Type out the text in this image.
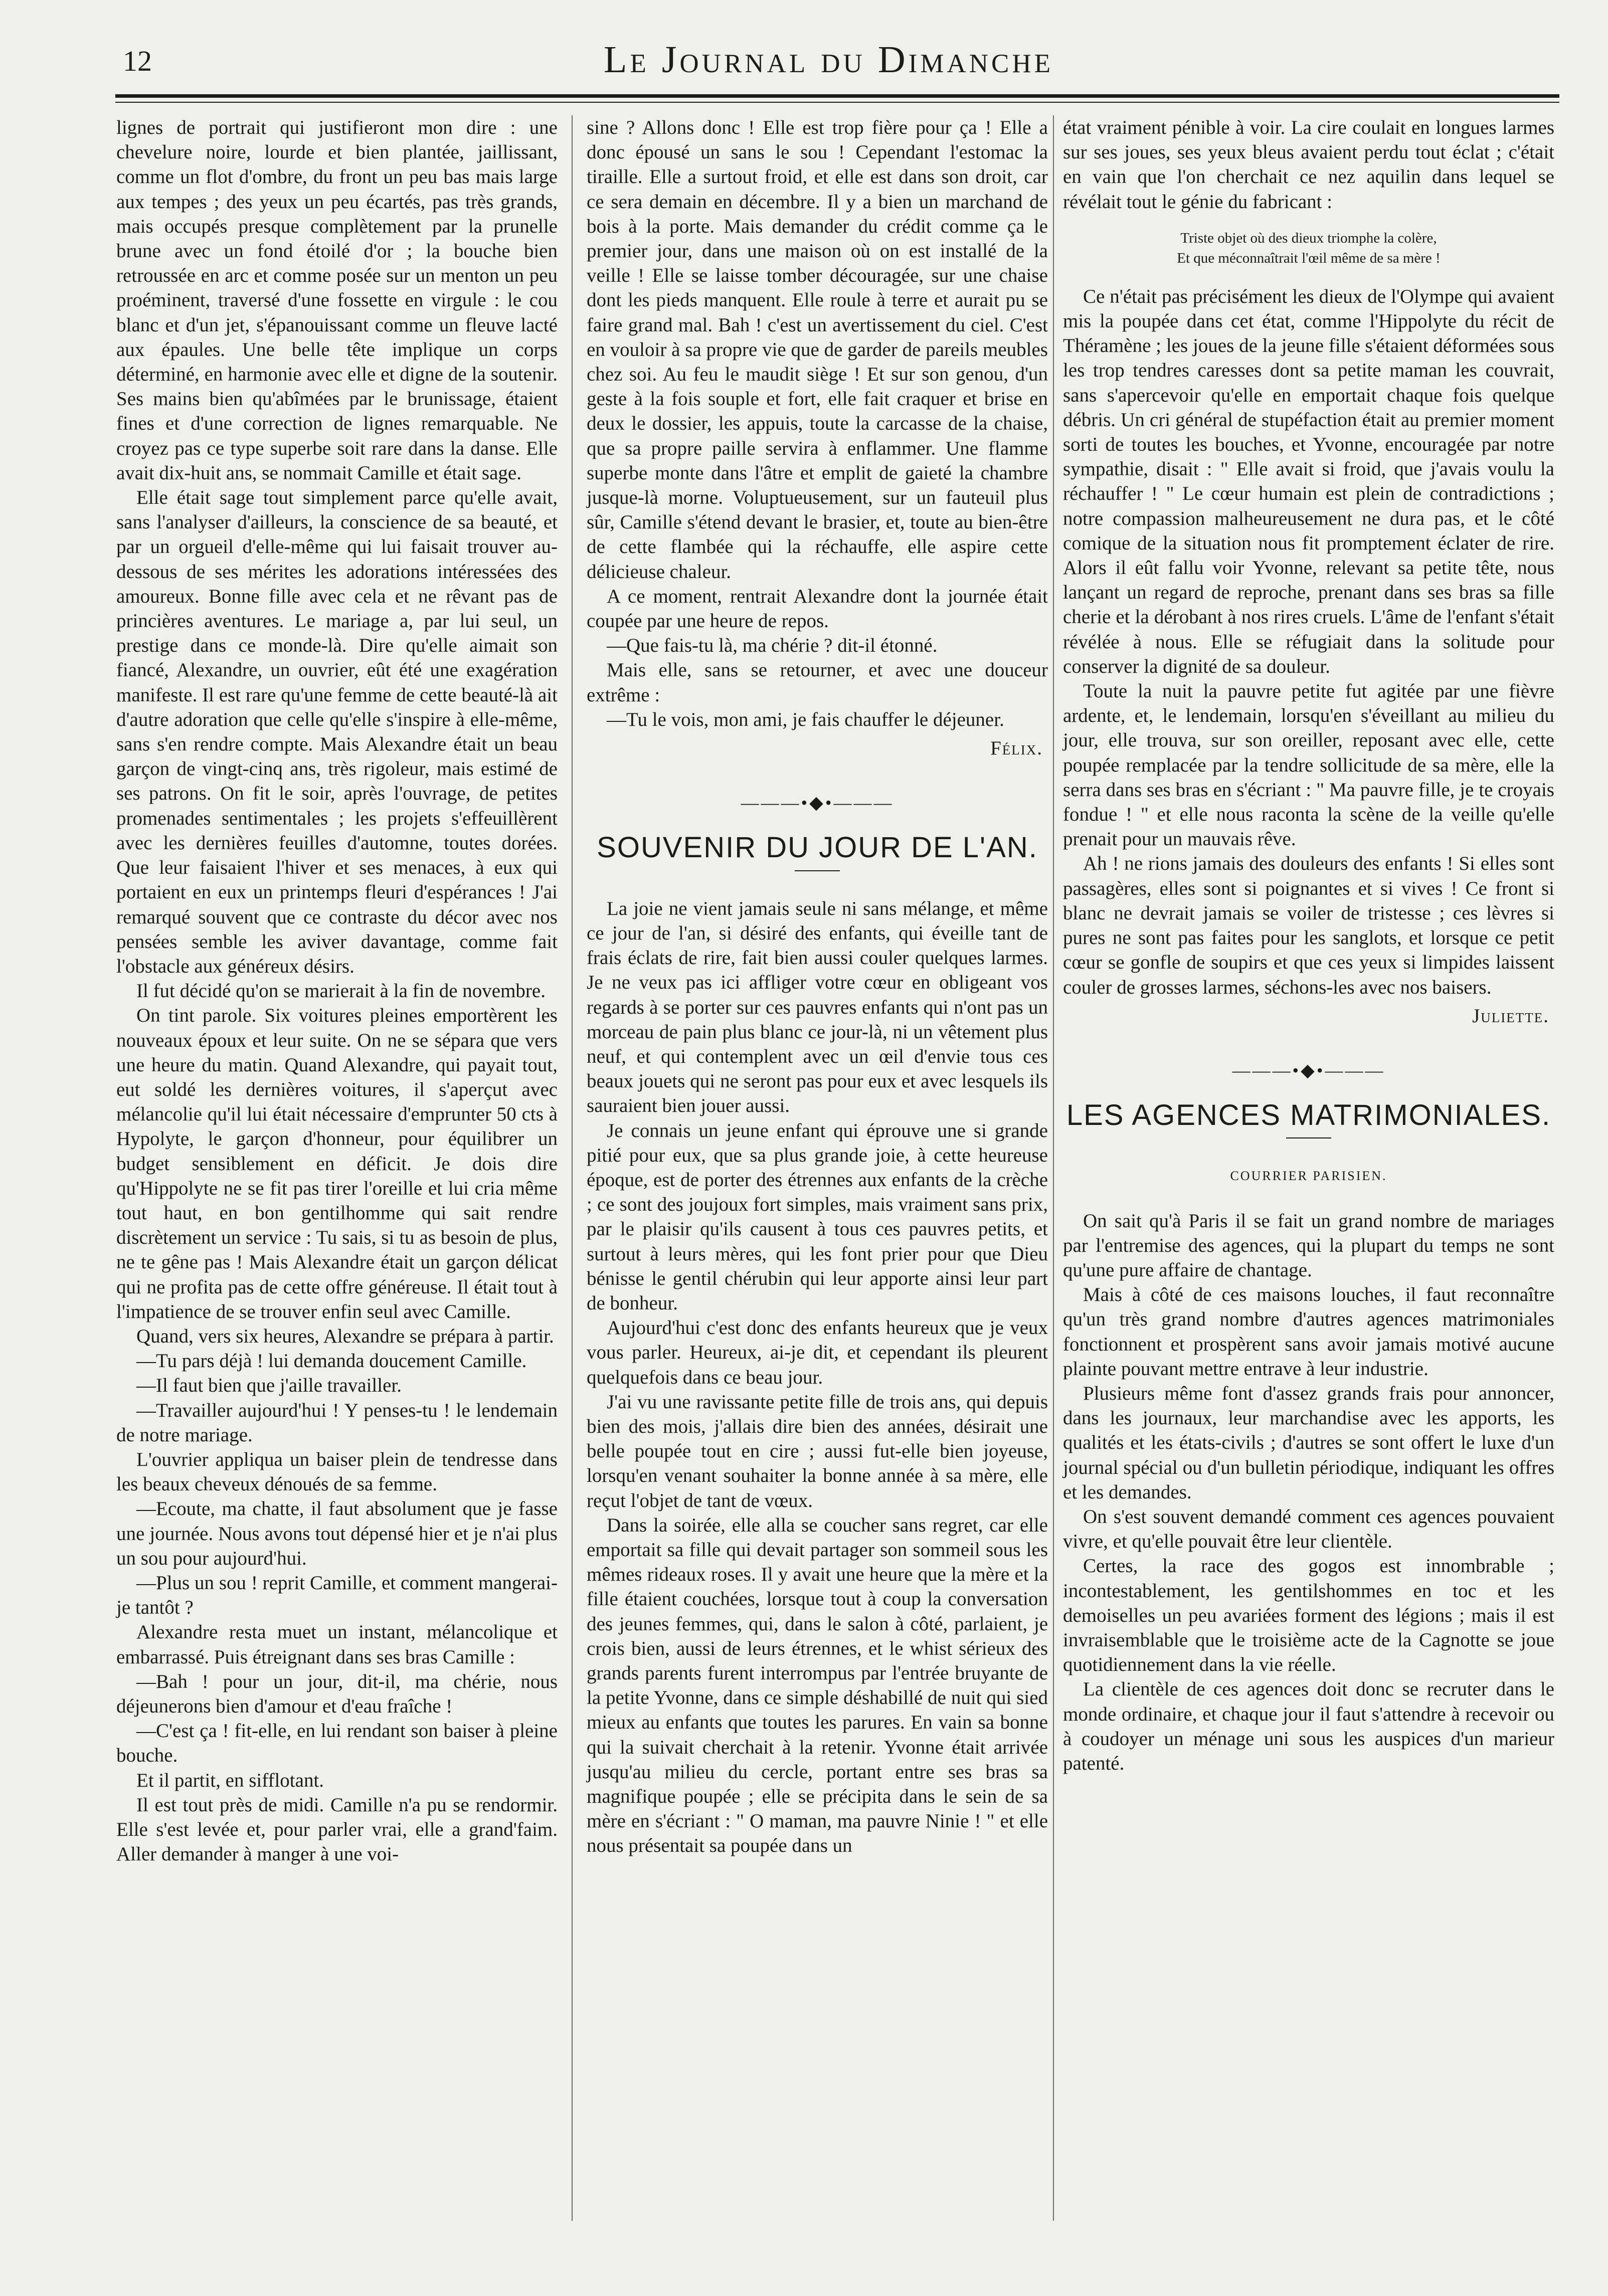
12	Le Journal du Dimanche

lignes de portrait qui justifieront mon dire : une chevelure noire, lourde et bien plantée, jaillissant, comme un flot d'ombre, du front un peu bas mais large aux tempes ; des yeux un peu écartés, pas très grands, mais occupés presque complètement par la prunelle brune avec un fond étoilé d'or ; la bouche bien retroussée en arc et comme posée sur un menton un peu proéminent, traversé d'une fossette en virgule : le cou blanc et d'un jet, s'épanouissant comme un fleuve lacté aux épaules. Une belle tête implique un corps déterminé, en harmonie avec elle et digne de la soutenir. Ses mains bien qu'abîmées par le brunissage, étaient fines et d'une correction de lignes remarquable. Ne croyez pas ce type superbe soit rare dans la danse. Elle avait dix-huit ans, se nommait Camille et était sage.

Elle était sage tout simplement parce qu'elle avait, sans l'analyser d'ailleurs, la conscience de sa beauté, et par un orgueil d'elle-même qui lui faisait trouver au-dessous de ses mérites les adorations intéressées des amoureux. Bonne fille avec cela et ne rêvant pas de princières aventures. Le mariage a, par lui seul, un prestige dans ce monde-là. Dire qu'elle aimait son fiancé, Alexandre, un ouvrier, eût été une exagération manifeste. Il est rare qu'une femme de cette beauté-là ait d'autre adoration que celle qu'elle s'inspire à elle-même, sans s'en rendre compte. Mais Alexandre était un beau garçon de vingt-cinq ans, très rigoleur, mais estimé de ses patrons. On fit le soir, après l'ouvrage, de petites promenades sentimentales ; les projets s'effeuillèrent avec les dernières feuilles d'automne, toutes dorées. Que leur faisaient l'hiver et ses menaces, à eux qui portaient en eux un printemps fleuri d'espérances ! J'ai remarqué souvent que ce contraste du décor avec nos pensées semble les aviver davantage, comme fait l'obstacle aux généreux désirs.

Il fut décidé qu'on se marierait à la fin de novembre.

On tint parole. Six voitures pleines emportèrent les nouveaux époux et leur suite. On ne se sépara que vers une heure du matin. Quand Alexandre, qui payait tout, eut soldé les dernières voitures, il s'aperçut avec mélancolie qu'il lui était nécessaire d'emprunter 50 cts à Hypolyte, le garçon d'honneur, pour équilibrer un budget sensiblement en déficit. Je dois dire qu'Hippolyte ne se fit pas tirer l'oreille et lui cria même tout haut, en bon gentilhomme qui sait rendre discrètement un service : Tu sais, si tu as besoin de plus, ne te gêne pas ! Mais Alexandre était un garçon délicat qui ne profita pas de cette offre généreuse. Il était tout à l'impatience de se trouver enfin seul avec Camille.

Quand, vers six heures, Alexandre se prépara à partir.

—Tu pars déjà ! lui demanda doucement Camille.

—Il faut bien que j'aille travailler.

—Travailler aujourd'hui ! Y penses-tu ! le lendemain de notre mariage.

L'ouvrier appliqua un baiser plein de tendresse dans les beaux cheveux dénoués de sa femme.

—Ecoute, ma chatte, il faut absolument que je fasse une journée. Nous avons tout dépensé hier et je n'ai plus un sou pour aujourd'hui.

—Plus un sou ! reprit Camille, et comment mangerai-je tantôt ?

Alexandre resta muet un instant, mélancolique et embarrassé. Puis étreignant dans ses bras Camille :

—Bah ! pour un jour, dit-il, ma chérie, nous déjeunerons bien d'amour et d'eau fraîche !

—C'est ça ! fit-elle, en lui rendant son baiser à pleine bouche.

Et il partit, en sifflotant.

Il est tout près de midi. Camille n'a pu se rendormir. Elle s'est levée et, pour parler vrai, elle a grand'faim. Aller demander à manger à une voi-

sine ? Allons donc ! Elle est trop fière pour ça ! Elle a donc épousé un sans le sou ! Cependant l'estomac la tiraille. Elle a surtout froid, et elle est dans son droit, car ce sera demain en décembre. Il y a bien un marchand de bois à la porte. Mais demander du crédit comme ça le premier jour, dans une maison où on est installé de la veille ! Elle se laisse tomber découragée, sur une chaise dont les pieds manquent. Elle roule à terre et aurait pu se faire grand mal. Bah ! c'est un avertissement du ciel. C'est en vouloir à sa propre vie que de garder de pareils meubles chez soi. Au feu le maudit siège ! Et sur son genou, d'un geste à la fois souple et fort, elle fait craquer et brise en deux le dossier, les appuis, toute la carcasse de la chaise, que sa propre paille servira à enflammer. Une flamme superbe monte dans l'âtre et emplit de gaieté la chambre jusque-là morne. Voluptueusement, sur un fauteuil plus sûr, Camille s'étend devant le brasier, et, toute au bien-être de cette flambée qui la réchauffe, elle aspire cette délicieuse chaleur.

A ce moment, rentrait Alexandre dont la journée était coupée par une heure de repos.

—Que fais-tu là, ma chérie ? dit-il étonné.

Mais elle, sans se retourner, et avec une douceur extrême :

—Tu le vois, mon ami, je fais chauffer le déjeuner.

Félix.
———•◆•———
SOUVENIR DU JOUR DE L'AN.

La joie ne vient jamais seule ni sans mélange, et même ce jour de l'an, si désiré des enfants, qui éveille tant de frais éclats de rire, fait bien aussi couler quelques larmes. Je ne veux pas ici affliger votre cœur en obligeant vos regards à se porter sur ces pauvres enfants qui n'ont pas un morceau de pain plus blanc ce jour-là, ni un vêtement plus neuf, et qui contemplent avec un œil d'envie tous ces beaux jouets qui ne seront pas pour eux et avec lesquels ils sauraient bien jouer aussi.

Je connais un jeune enfant qui éprouve une si grande pitié pour eux, que sa plus grande joie, à cette heureuse époque, est de porter des étrennes aux enfants de la crèche ; ce sont des joujoux fort simples, mais vraiment sans prix, par le plaisir qu'ils causent à tous ces pauvres petits, et surtout à leurs mères, qui les font prier pour que Dieu bénisse le gentil chérubin qui leur apporte ainsi leur part de bonheur.

Aujourd'hui c'est donc des enfants heureux que je veux vous parler. Heureux, ai-je dit, et cependant ils pleurent quelquefois dans ce beau jour.

J'ai vu une ravissante petite fille de trois ans, qui depuis bien des mois, j'allais dire bien des années, désirait une belle poupée tout en cire ; aussi fut-elle bien joyeuse, lorsqu'en venant souhaiter la bonne année à sa mère, elle reçut l'objet de tant de vœux.

Dans la soirée, elle alla se coucher sans regret, car elle emportait sa fille qui devait partager son sommeil sous les mêmes rideaux roses. Il y avait une heure que la mère et la fille étaient couchées, lorsque tout à coup la conversation des jeunes femmes, qui, dans le salon à côté, parlaient, je crois bien, aussi de leurs étrennes, et le whist sérieux des grands parents furent interrompus par l'entrée bruyante de la petite Yvonne, dans ce simple déshabillé de nuit qui sied mieux au enfants que toutes les parures. En vain sa bonne qui la suivait cherchait à la retenir. Yvonne était arrivée jusqu'au milieu du cercle, portant entre ses bras sa magnifique poupée ; elle se précipita dans le sein de sa mère en s'écriant : " O maman, ma pauvre Ninie ! " et elle nous présentait sa poupée dans un

état vraiment pénible à voir. La cire coulait en longues larmes sur ses joues, ses yeux bleus avaient perdu tout éclat ; c'était en vain que l'on cherchait ce nez aquilin dans lequel se révélait tout le génie du fabricant :

Triste objet où des dieux triomphe la colère,
Et que méconnaîtrait l'œil même de sa mère !

Ce n'était pas précisément les dieux de l'Olympe qui avaient mis la poupée dans cet état, comme l'Hippolyte du récit de Théramène ; les joues de la jeune fille s'étaient déformées sous les trop tendres caresses dont sa petite maman les couvrait, sans s'apercevoir qu'elle en emportait chaque fois quelque débris. Un cri général de stupéfaction était au premier moment sorti de toutes les bouches, et Yvonne, encouragée par notre sympathie, disait : " Elle avait si froid, que j'avais voulu la réchauffer ! " Le cœur humain est plein de contradictions ; notre compassion malheureusement ne dura pas, et le côté comique de la situation nous fit promptement éclater de rire. Alors il eût fallu voir Yvonne, relevant sa petite tête, nous lançant un regard de reproche, prenant dans ses bras sa fille cherie et la dérobant à nos rires cruels. L'âme de l'enfant s'était révélée à nous. Elle se réfugiait dans la solitude pour conserver la dignité de sa douleur.

Toute la nuit la pauvre petite fut agitée par une fièvre ardente, et, le lendemain, lorsqu'en s'éveillant au milieu du jour, elle trouva, sur son oreiller, reposant avec elle, cette poupée remplacée par la tendre sollicitude de sa mère, elle la serra dans ses bras en s'écriant : " Ma pauvre fille, je te croyais fondue ! " et elle nous raconta la scène de la veille qu'elle prenait pour un mauvais rêve.

Ah ! ne rions jamais des douleurs des enfants ! Si elles sont passagères, elles sont si poignantes et si vives ! Ce front si blanc ne devrait jamais se voiler de tristesse ; ces lèvres si pures ne sont pas faites pour les sanglots, et lorsque ce petit cœur se gonfle de soupirs et que ces yeux si limpides laissent couler de grosses larmes, séchons-les avec nos baisers.

Juliette.
———•◆•———
LES AGENCES MATRIMONIALES.
COURRIER PARISIEN.

On sait qu'à Paris il se fait un grand nombre de mariages par l'entremise des agences, qui la plupart du temps ne sont qu'une pure affaire de chantage.

Mais à côté de ces maisons louches, il faut reconnaître qu'un très grand nombre d'autres agences matrimoniales fonctionnent et prospèrent sans avoir jamais motivé aucune plainte pouvant mettre entrave à leur industrie.

Plusieurs même font d'assez grands frais pour annoncer, dans les journaux, leur marchandise avec les apports, les qualités et les états-civils ; d'autres se sont offert le luxe d'un journal spécial ou d'un bulletin périodique, indiquant les offres et les demandes.

On s'est souvent demandé comment ces agences pouvaient vivre, et qu'elle pouvait être leur clientèle.

Certes, la race des gogos est innombrable ; incontestablement, les gentilshommes en toc et les demoiselles un peu avariées forment des légions ; mais il est invraisemblable que le troisième acte de la Cagnotte se joue quotidiennement dans la vie réelle.

La clientèle de ces agences doit donc se recruter dans le monde ordinaire, et chaque jour il faut s'attendre à recevoir ou à coudoyer un ménage uni sous les auspices d'un marieur patenté.
